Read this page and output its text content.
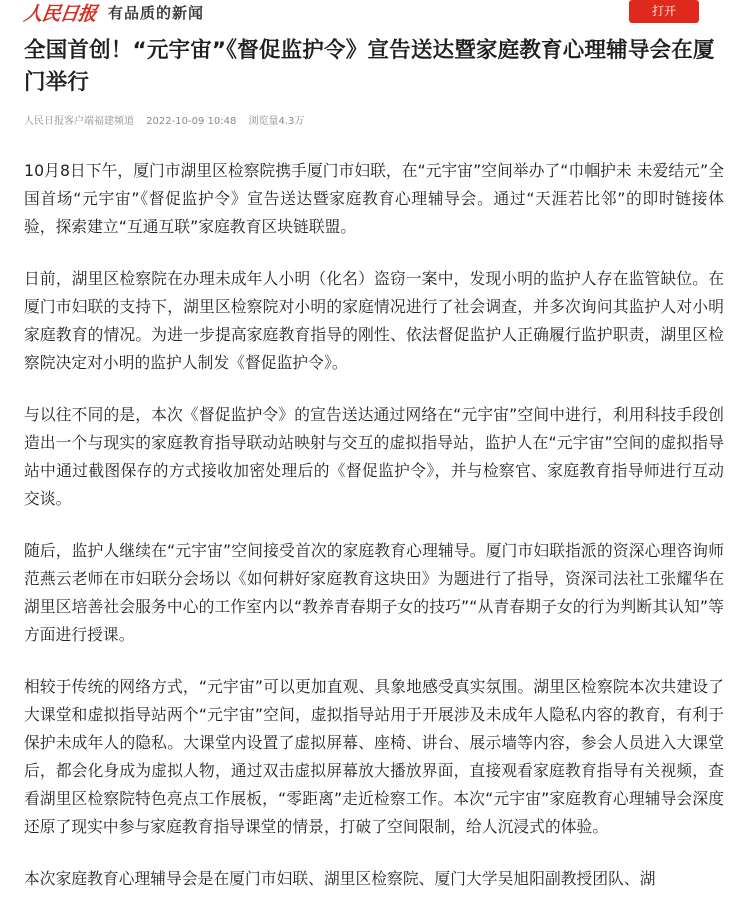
人民日报 有品质的新闻	打开
全国首创！“元宇宙”《督促监护令》宣告送达暨家庭教育心理辅导会在厦门举行
人民日报客户端福建频道 2022-10-09 10:48 浏览量4.3万

10月8日下午，厦门市湖里区检察院携手厦门市妇联，在“元宇宙”空间举办了“巾帼护未 未爱结元”全国首场“元宇宙”《督促监护令》宣告送达暨家庭教育心理辅导会。通过“天涯若比邻”的即时链接体验，探索建立“互通互联”家庭教育区块链联盟。

日前，湖里区检察院在办理未成年人小明（化名）盗窃一案中，发现小明的监护人存在监管缺位。在厦门市妇联的支持下，湖里区检察院对小明的家庭情况进行了社会调查，并多次询问其监护人对小明家庭教育的情况。为进一步提高家庭教育指导的刚性、依法督促监护人正确履行监护职责，湖里区检察院决定对小明的监护人制发《督促监护令》。

与以往不同的是，本次《督促监护令》的宣告送达通过网络在“元宇宙”空间中进行，利用科技手段创造出一个与现实的家庭教育指导联动站映射与交互的虚拟指导站，监护人在“元宇宙”空间的虚拟指导站中通过截图保存的方式接收加密处理后的《督促监护令》，并与检察官、家庭教育指导师进行互动交谈。

随后，监护人继续在“元宇宙”空间接受首次的家庭教育心理辅导。厦门市妇联指派的资深心理咨询师范燕云老师在市妇联分会场以《如何耕好家庭教育这块田》为题进行了指导，资深司法社工张耀华在湖里区培善社会服务中心的工作室内以“教养青春期子女的技巧”“从青春期子女的行为判断其认知”等方面进行授课。

相较于传统的网络方式，“元宇宙”可以更加直观、具象地感受真实氛围。湖里区检察院本次共建设了大课堂和虚拟指导站两个“元宇宙”空间，虚拟指导站用于开展涉及未成年人隐私内容的教育，有利于保护未成年人的隐私。大课堂内设置了虚拟屏幕、座椅、讲台、展示墙等内容，参会人员进入大课堂后，都会化身成为虚拟人物，通过双击虚拟屏幕放大播放界面，直接观看家庭教育指导有关视频，查看湖里区检察院特色亮点工作展板，“零距离”走近检察工作。本次“元宇宙”家庭教育心理辅导会深度还原了现实中参与家庭教育指导课堂的情景，打破了空间限制，给人沉浸式的体验。

本次家庭教育心理辅导会是在厦门市妇联、湖里区检察院、厦门大学吴旭阳副教授团队、湖
